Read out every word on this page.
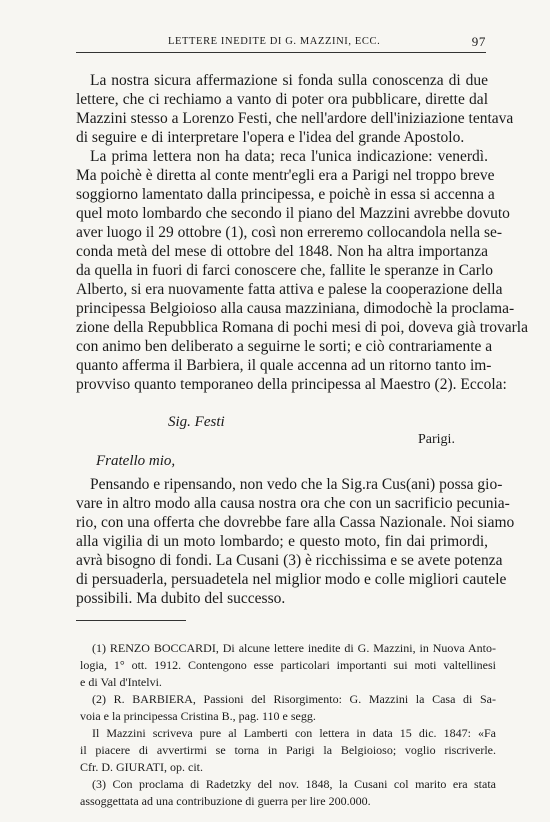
LETTERE INEDITE DI G. MAZZINI, ECC.	97
La nostra sicura affermazione si fonda sulla conoscenza di due
lettere, che ci rechiamo a vanto di poter ora pubblicare, dirette dal
Mazzini stesso a Lorenzo Festi, che nell'ardore dell'iniziazione tentava
di seguire e di interpretare l'opera e l'idea del grande Apostolo.
La prima lettera non ha data; reca l'unica indicazione: venerdì.
Ma poichè è diretta al conte mentr'egli era a Parigi nel troppo breve
soggiorno lamentato dalla principessa, e poichè in essa si accenna a
quel moto lombardo che secondo il piano del Mazzini avrebbe dovuto
aver luogo il 29 ottobre (1), così non erreremo collocandola nella se-
conda metà del mese di ottobre del 1848. Non ha altra importanza
da quella in fuori di farci conoscere che, fallite le speranze in Carlo
Alberto, si era nuovamente fatta attiva e palese la cooperazione della
principessa Belgioioso alla causa mazziniana, dimodochè la proclama-
zione della Repubblica Romana di pochi mesi di poi, doveva già trovarla
con animo ben deliberato a seguirne le sorti; e ciò contrariamente a
quanto afferma il Barbiera, il quale accenna ad un ritorno tanto im-
provviso quanto temporaneo della principessa al Maestro (2). Eccola:
Sig. Festi
Parigi.
Fratello mio,
Pensando e ripensando, non vedo che la Sig.ra Cus(ani) possa gio-
vare in altro modo alla causa nostra ora che con un sacrificio pecunia-
rio, con una offerta che dovrebbe fare alla Cassa Nazionale. Noi siamo
alla vigilia di un moto lombardo; e questo moto, fin dai primordi,
avrà bisogno di fondi. La Cusani (3) è ricchissima e se avete potenza
di persuaderla, persuadetela nel miglior modo e colle migliori cautele
possibili. Ma dubito del successo.
(1) RENZO BOCCARDI, Di alcune lettere inedite di G. Mazzini, in Nuova Anto-
logia, 1° ott. 1912. Contengono esse particolari importanti sui moti valtellinesi
e di Val d'Intelvi.
(2) R. BARBIERA, Passioni del Risorgimento: G. Mazzini la Casa di Sa-
voia e la principessa Cristina B., pag. 110 e segg.
Il Mazzini scriveva pure al Lamberti con lettera in data 15 dic. 1847: «Fa
il piacere di avvertirmi se torna in Parigi la Belgioioso; voglio riscriverle.
Cfr. D. GIURATI, op. cit.
(3) Con proclama di Radetzky del nov. 1848, la Cusani col marito era stata
assoggettata ad una contribuzione di guerra per lire 200.000.
